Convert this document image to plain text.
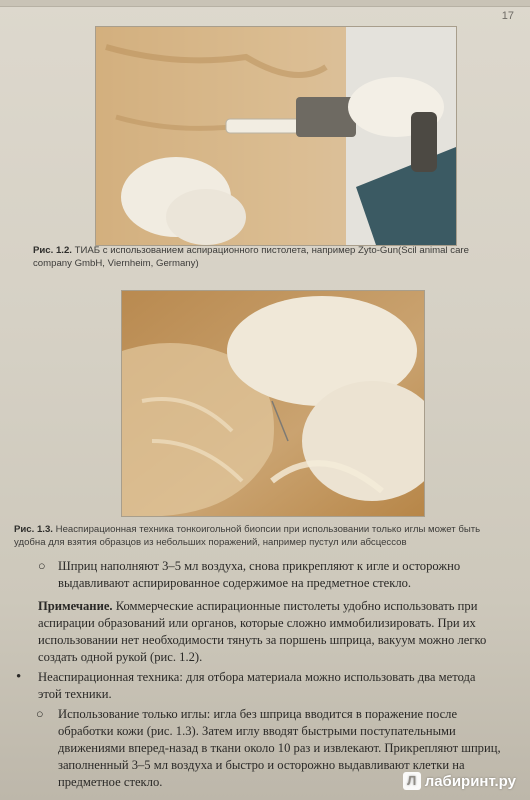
17
Рис. 1.2. ТИАБ с использованием аспирационного пистолета, например Zyto-Gun(Scil animal care company GmbH, Viernheim, Germany)
Рис. 1.3. Неаспирационная техника тонкоигольной биопсии при использовании только иглы может быть удобна для взятия образцов из небольших поражений, например пустул или абсцессов
○ Шприц наполняют 3–5 мл воздуха, снова прикрепляют к игле и осторожно выдавливают аспирированное содержимое на предметное стекло.
Примечание. Коммерческие аспирационные пистолеты удобно использовать при аспирации образований или органов, которые сложно иммобилизировать. При их использовании нет необходимости тянуть за поршень шприца, вакуум можно легко создать одной рукой (рис. 1.2).
• Неаспирационная техника: для отбора материала можно использовать два метода этой техники.
○ Использование только иглы: игла без шприца вводится в поражение после обработки кожи (рис. 1.3). Затем иглу вводят быстрыми поступательными движениями вперед-назад в ткани около 10 раз и извлекают. Прикрепляют шприц, заполненный 3–5 мл воздуха и быстро и осторожно выдавливают клетки на предметное стекло.	Л лабиринт.ру
